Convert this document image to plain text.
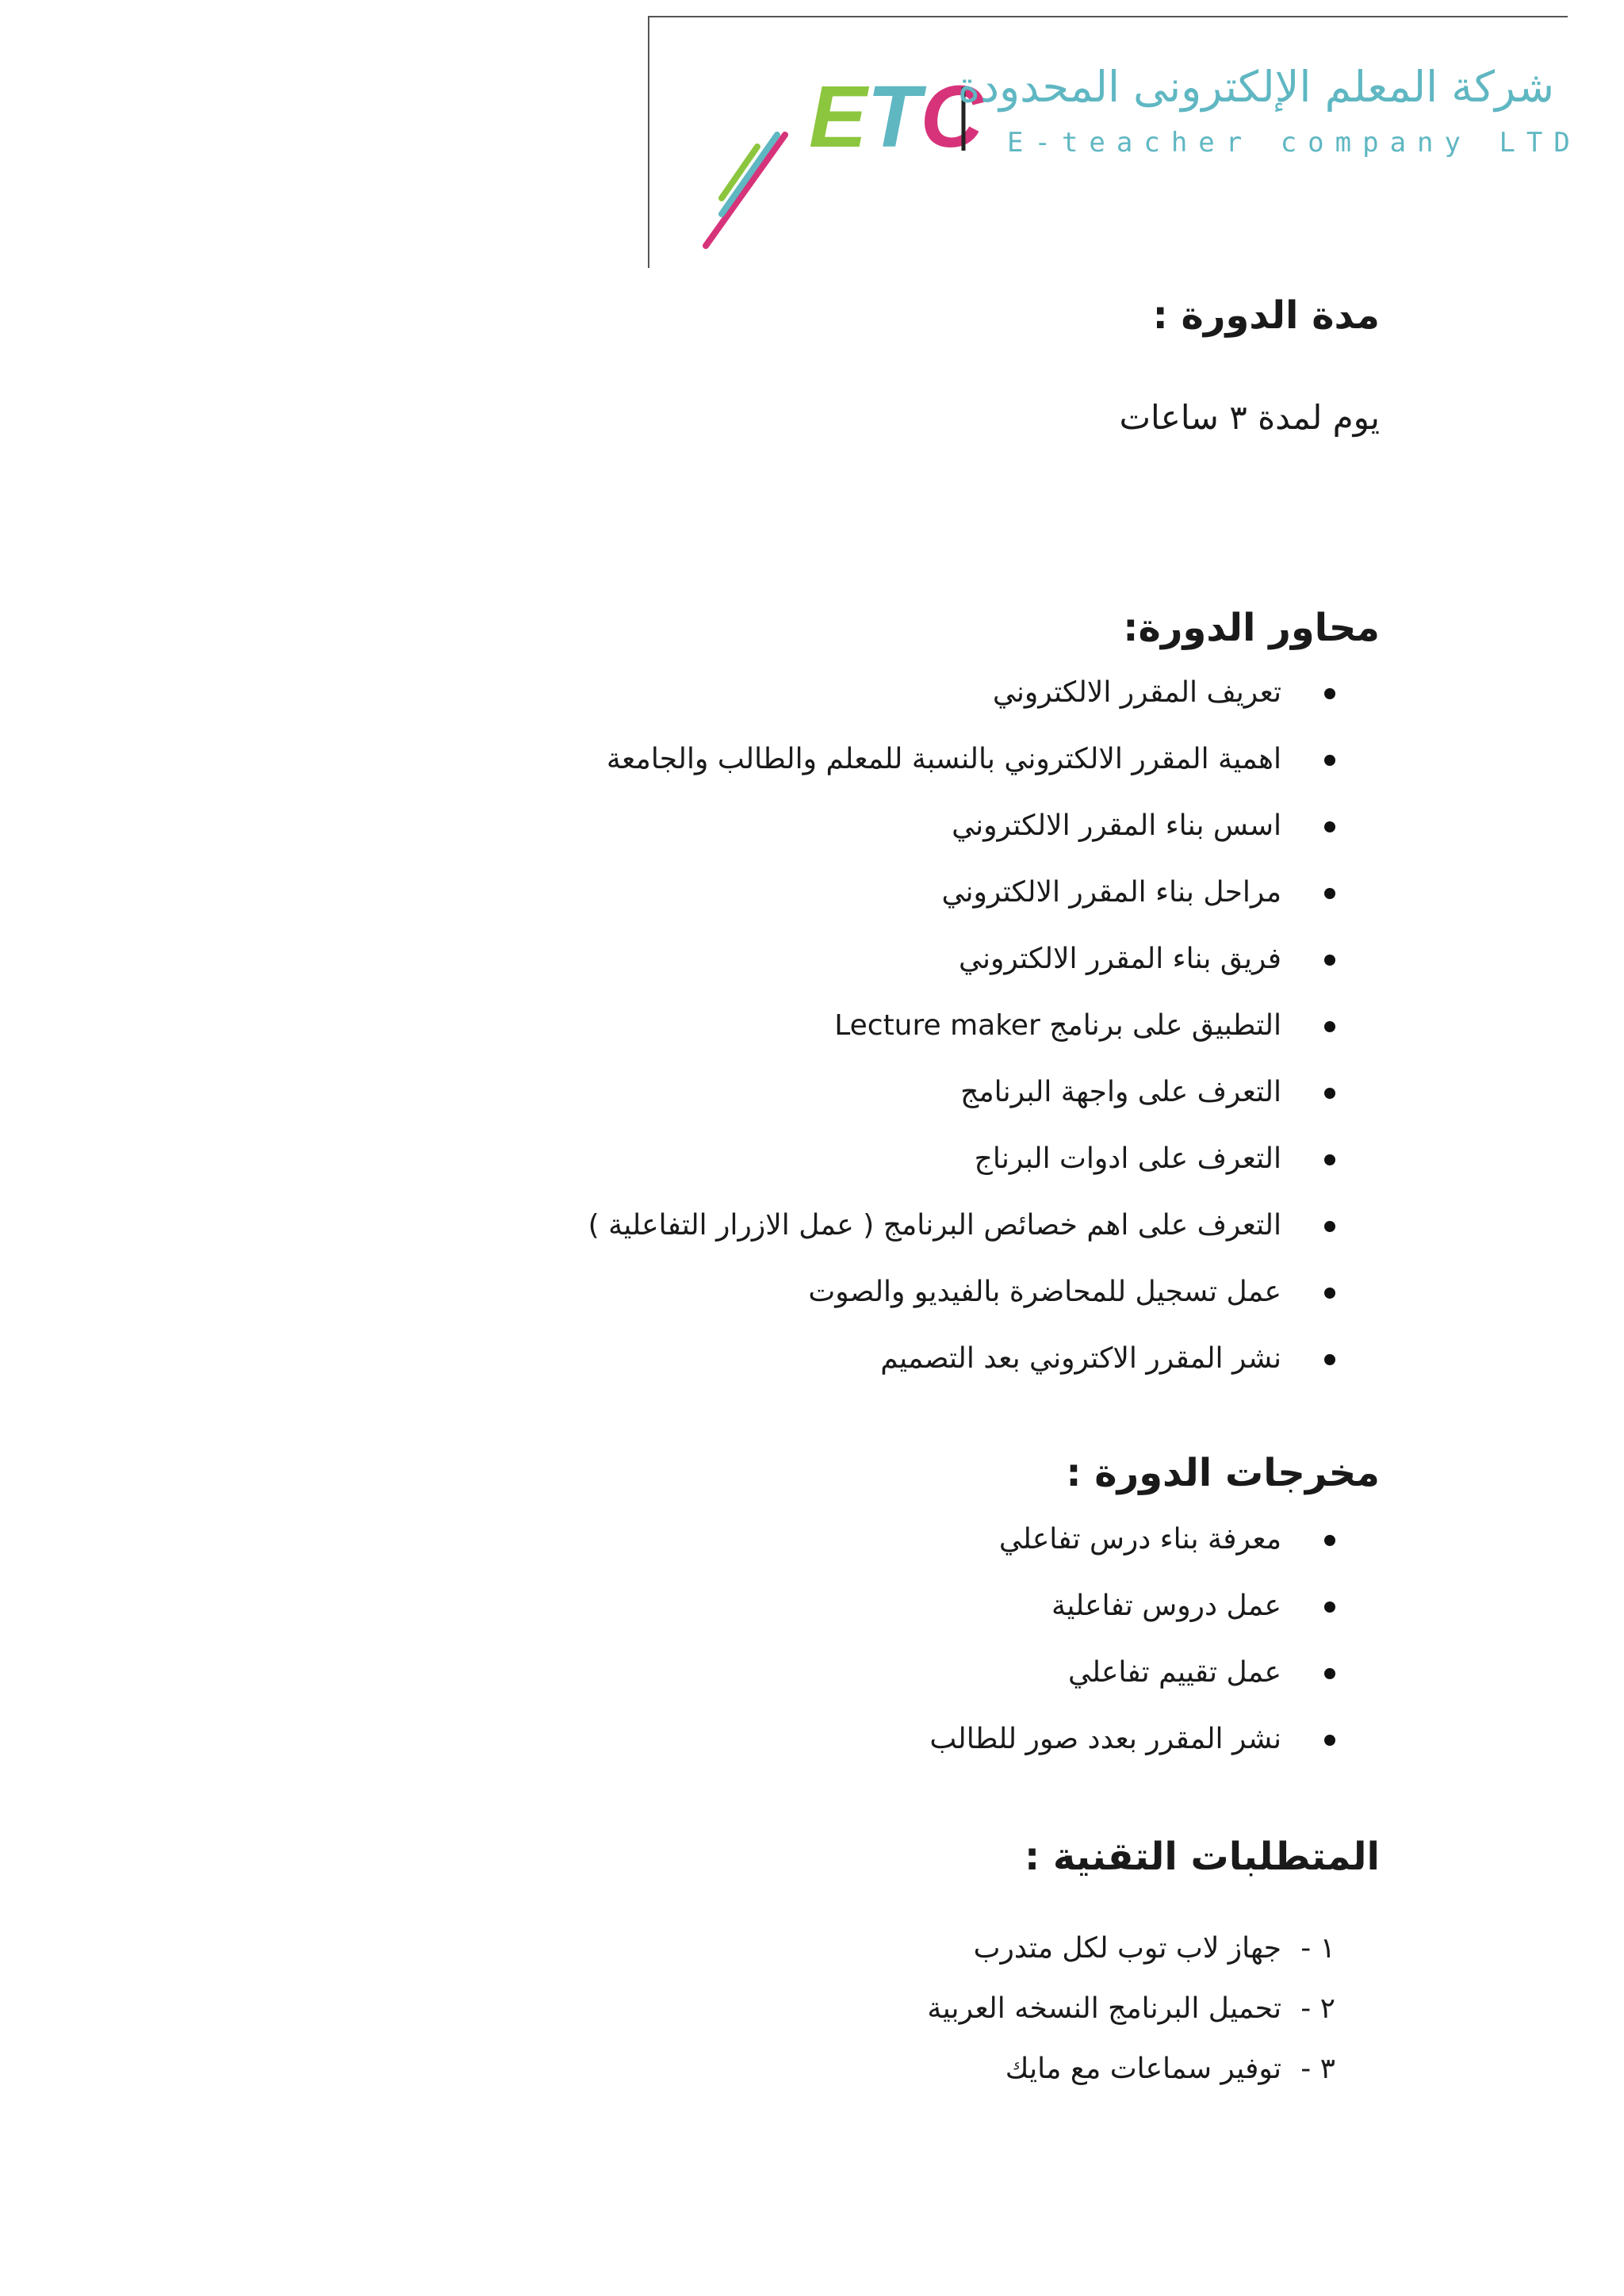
ETC
شركة المعلم الإلكترونى المحدودة
E-teacher company LTD
مدة الدورة :
يوم لمدة ٣ ساعات
محاور الدورة:
تعريف المقرر الالكتروني
اهمية المقرر الالكتروني بالنسبة للمعلم والطالب والجامعة
اسس بناء المقرر الالكتروني
مراحل بناء المقرر الالكتروني
فريق بناء المقرر الالكتروني
التطبيق على برنامج Lecture maker
التعرف على واجهة البرنامج
التعرف على ادوات البرناج
التعرف على اهم خصائص البرنامج ( عمل الازرار التفاعلية )
عمل تسجيل للمحاضرة بالفيديو والصوت
نشر المقرر الاكتروني بعد التصميم
مخرجات الدورة :
معرفة بناء درس تفاعلي
عمل دروس تفاعلية
عمل تقييم تفاعلي
نشر المقرر بعدد صور للطالب
المتطلبات التقنية :
١ -جهاز لاب توب لكل متدرب
٢ -تحميل البرنامج النسخه العربية
٣ -توفير سماعات مع مايك
